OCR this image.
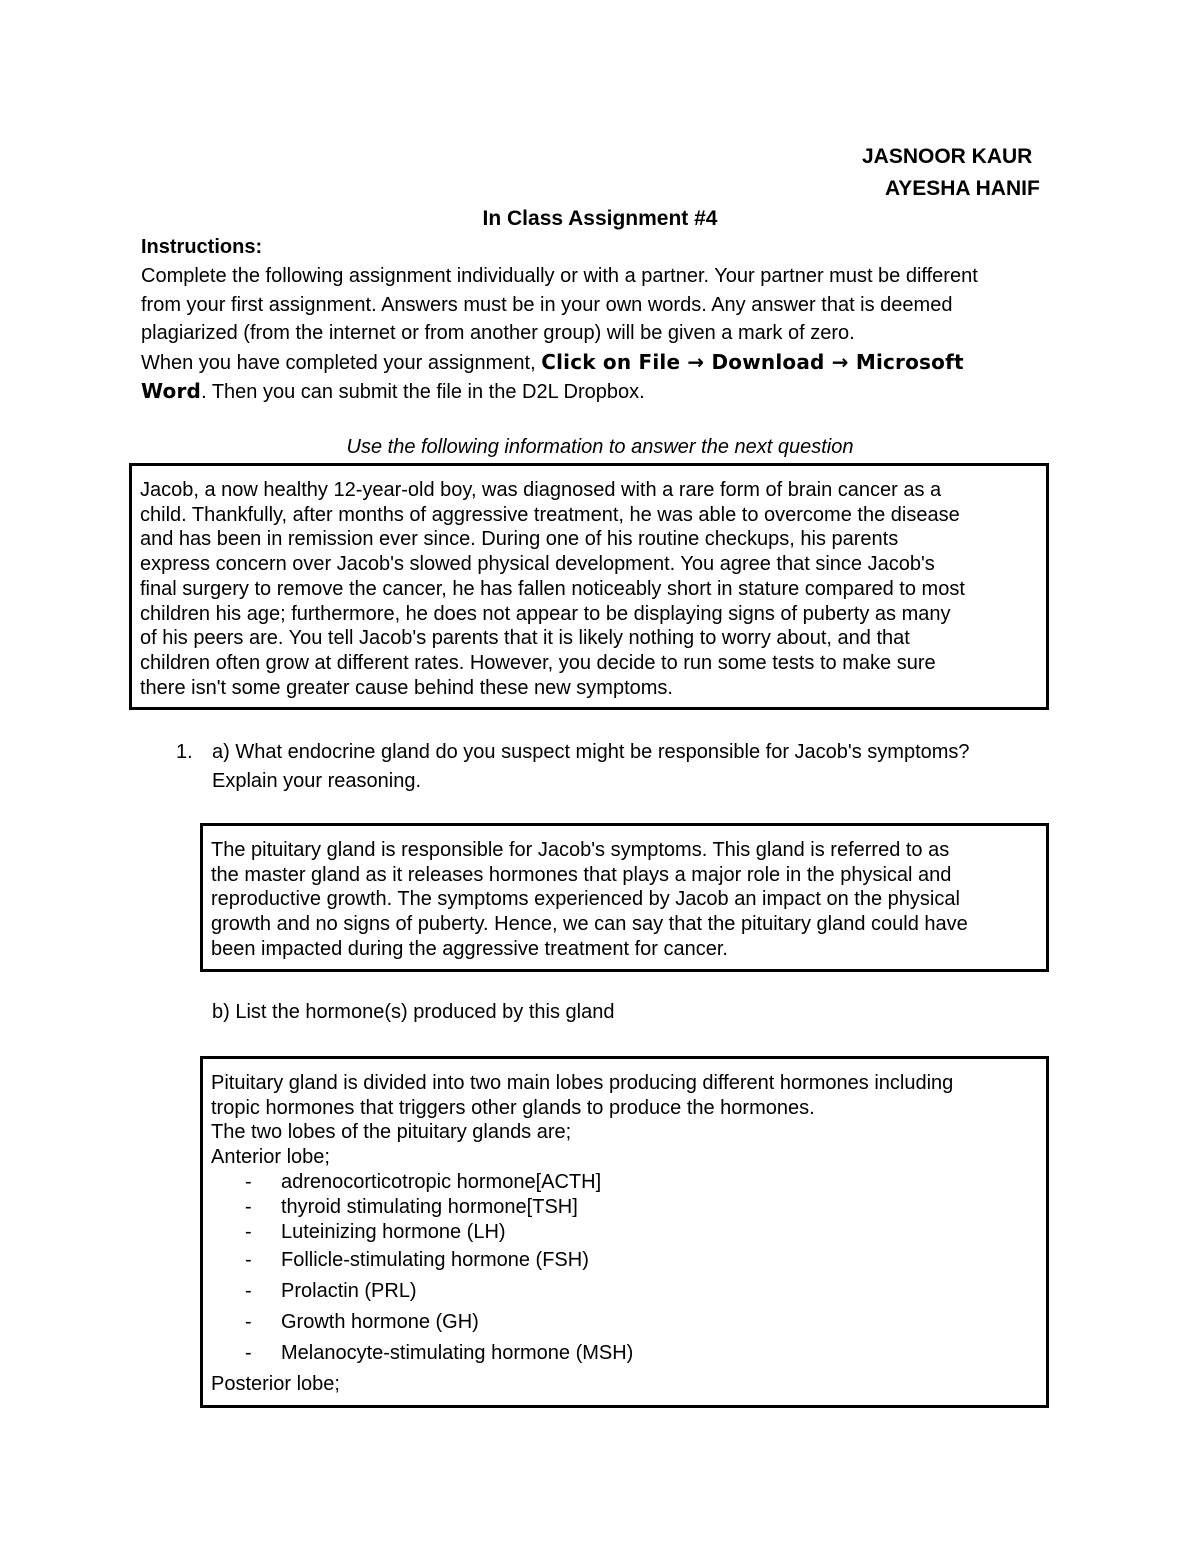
JASNOOR KAUR
AYESHA HANIF
In Class Assignment #4
Instructions:
Complete the following assignment individually or with a partner. Your partner must be different
from your first assignment. Answers must be in your own words. Any answer that is deemed
plagiarized (from the internet or from another group) will be given a mark of zero.
When you have completed your assignment, Click on File → Download → Microsoft
Word. Then you can submit the file in the D2L Dropbox.
Use the following information to answer the next question
Jacob, a now healthy 12-year-old boy, was diagnosed with a rare form of brain cancer as a
child. Thankfully, after months of aggressive treatment, he was able to overcome the disease
and has been in remission ever since. During one of his routine checkups, his parents
express concern over Jacob's slowed physical development. You agree that since Jacob's
final surgery to remove the cancer, he has fallen noticeably short in stature compared to most
children his age; furthermore, he does not appear to be displaying signs of puberty as many
of his peers are. You tell Jacob's parents that it is likely nothing to worry about, and that
children often grow at different rates. However, you decide to run some tests to make sure
there isn't some greater cause behind these new symptoms.
1. a) What endocrine gland do you suspect might be responsible for Jacob's symptoms?
Explain your reasoning.
The pituitary gland is responsible for Jacob's symptoms. This gland is referred to as
the master gland as it releases hormones that plays a major role in the physical and
reproductive growth. The symptoms experienced by Jacob an impact on the physical
growth and no signs of puberty. Hence, we can say that the pituitary gland could have
been impacted during the aggressive treatment for cancer.
b) List the hormone(s) produced by this gland
Pituitary gland is divided into two main lobes producing different hormones including
tropic hormones that triggers other glands to produce the hormones.
The two lobes of the pituitary glands are;
Anterior lobe;
- adrenocorticotropic hormone[ACTH]
- thyroid stimulating hormone[TSH]
- Luteinizing hormone (LH)
- Follicle-stimulating hormone (FSH)
- Prolactin (PRL)
- Growth hormone (GH)
- Melanocyte-stimulating hormone (MSH)
Posterior lobe;
